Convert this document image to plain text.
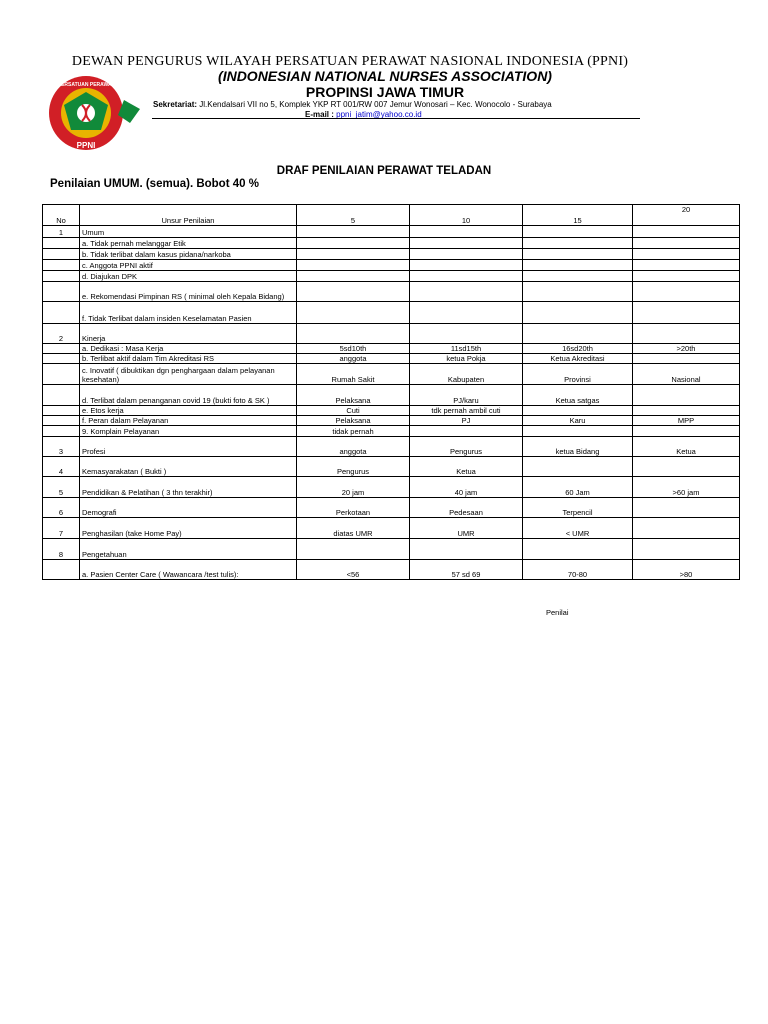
PERSATUAN PERAWAT
PPNI
DEWAN PENGURUS WILAYAH PERSATUAN PERAWAT NASIONAL INDONESIA (PPNI)
(INDONESIAN NATIONAL NURSES ASSOCIATION)
PROPINSI JAWA TIMUR
Sekretariat: Jl.Kendalsari VII no 5, Komplek YKP RT 001/RW 007 Jemur Wonosari – Kec. Wonocolo - Surabaya
E-mail : ppni_jatim@yahoo.co.id
DRAF PENILAIAN PERAWAT TELADAN
Penilaian UMUM. (semua). Bobot 40 %
No	Unsur Penilaian	5	10	15	20
1	Umum				
	a. Tidak pernah melanggar Etik				
	b. Tidak terlibat dalam kasus pidana/narkoba				
	c. Anggota PPNI aktif				
	d. Diajukan DPK				
	e. Rekomendasi Pimpinan RS ( minimal oleh Kepala Bidang)				
	f. Tidak Terlibat dalam insiden Keselamatan Pasien				
2	Kinerja				
	a. Dedikasi : Masa Kerja	5sd10th	11sd15th	16sd20th	>20th
	b. Terlibat aktif dalam Tim Akreditasi RS	anggota	ketua Pokja	Ketua Akreditasi	
	c. Inovatif ( dibuktikan dgn penghargaan dalam pelayanan kesehatan)	Rumah Sakit	Kabupaten	Provinsi	Nasional
	d. Terlibat dalam penanganan covid 19 (bukti foto & SK )	Pelaksana	PJ/karu	Ketua satgas	
	e. Etos kerja	Cuti	tdk pernah ambil cuti		
	f. Peran dalam Pelayanan	Pelaksana	PJ	Karu	MPP
	9. Komplain Pelayanan	tidak pernah			
3	Profesi	anggota	Pengurus	ketua Bidang	Ketua
4	Kemasyarakatan ( Bukti )	Pengurus	Ketua		
5	Pendidikan & Pelatihan ( 3 thn terakhir)	20 jam	40 jam	60 Jam	>60 jam
6	Demografi	Perkotaan	Pedesaan	Terpencil	
7	Penghasilan (take Home Pay)	diatas UMR	UMR	< UMR	
8	Pengetahuan				
	a. Pasien Center Care ( Wawancara /test tulis):	<56	57 sd 69	70-80	>80
Penilai
